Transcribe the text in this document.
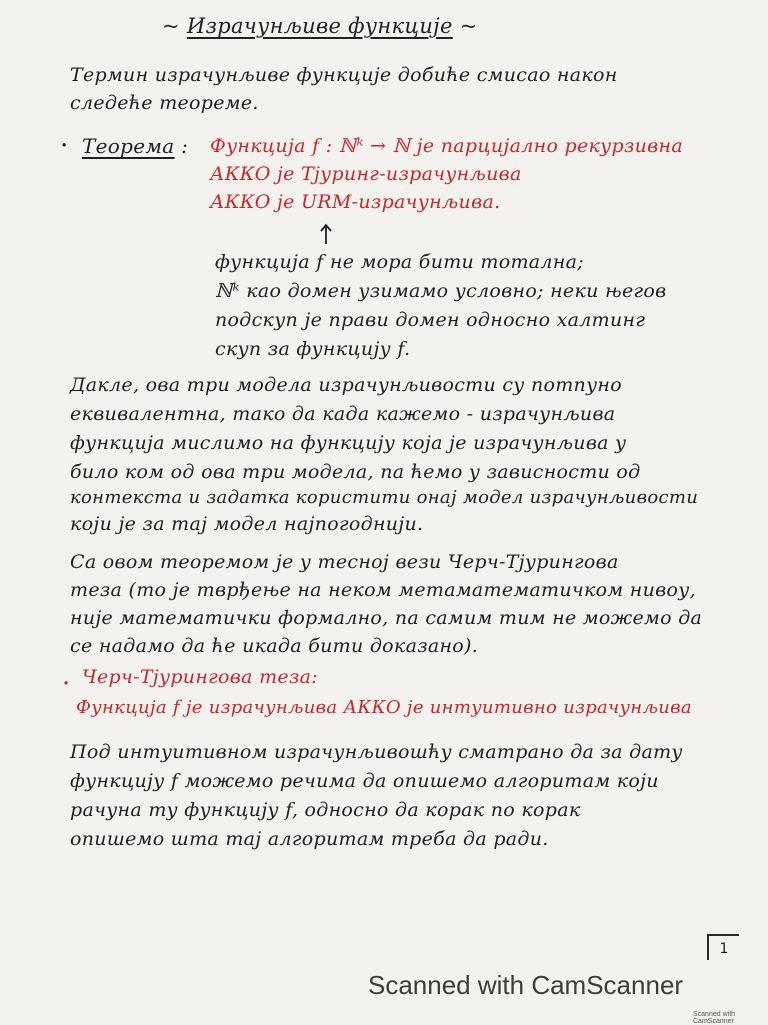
~ Израчунљиве функције ~
Термин израчунљиве функције добиће смисао након
следеће теореме.
· Теорема : Функција f : ℕᵏ → ℕ је парцијално рекурзивна
АККО је Тјуринг-израчунљива
АККО је URM-израчунљива.
функција f не мора бити тотална;
ℕᵏ као домен узимамо условно; неки његов
подскуп је прави домен односно халтинг
скуп за функцију f.
Дакле, ова три модела израчунљивости су потпуно
еквивалентна, тако да када кажемо - израчунљива
функција мислимо на функцију која је израчунљива у
било ком од ова три модела, па ћемо у зависности од
контекста и задатка користити онај модел израчунљивости
који је за тај модел најпогоднији.
Са овом теоремом је у тесној вези Черч-Тјурингова
теза (то је тврђење на неком метаматематичком нивоу,
није математички формално, па самим тим не можемо да
се надамо да ће икада бити доказано).
· Черч-Тјурингова теза:
Функција f је израчунљива АККО је интуитивно израчунљива
Под интуитивном израчунљивошћу сматрано да за дату
функцију f можемо речима да опишемо алгоритам који
рачуна ту функцију f, односно да корак по корак
опишемо шта тај алгоритам треба да ради.
1
Scanned with CamScanner
Scanned with CamScanner
